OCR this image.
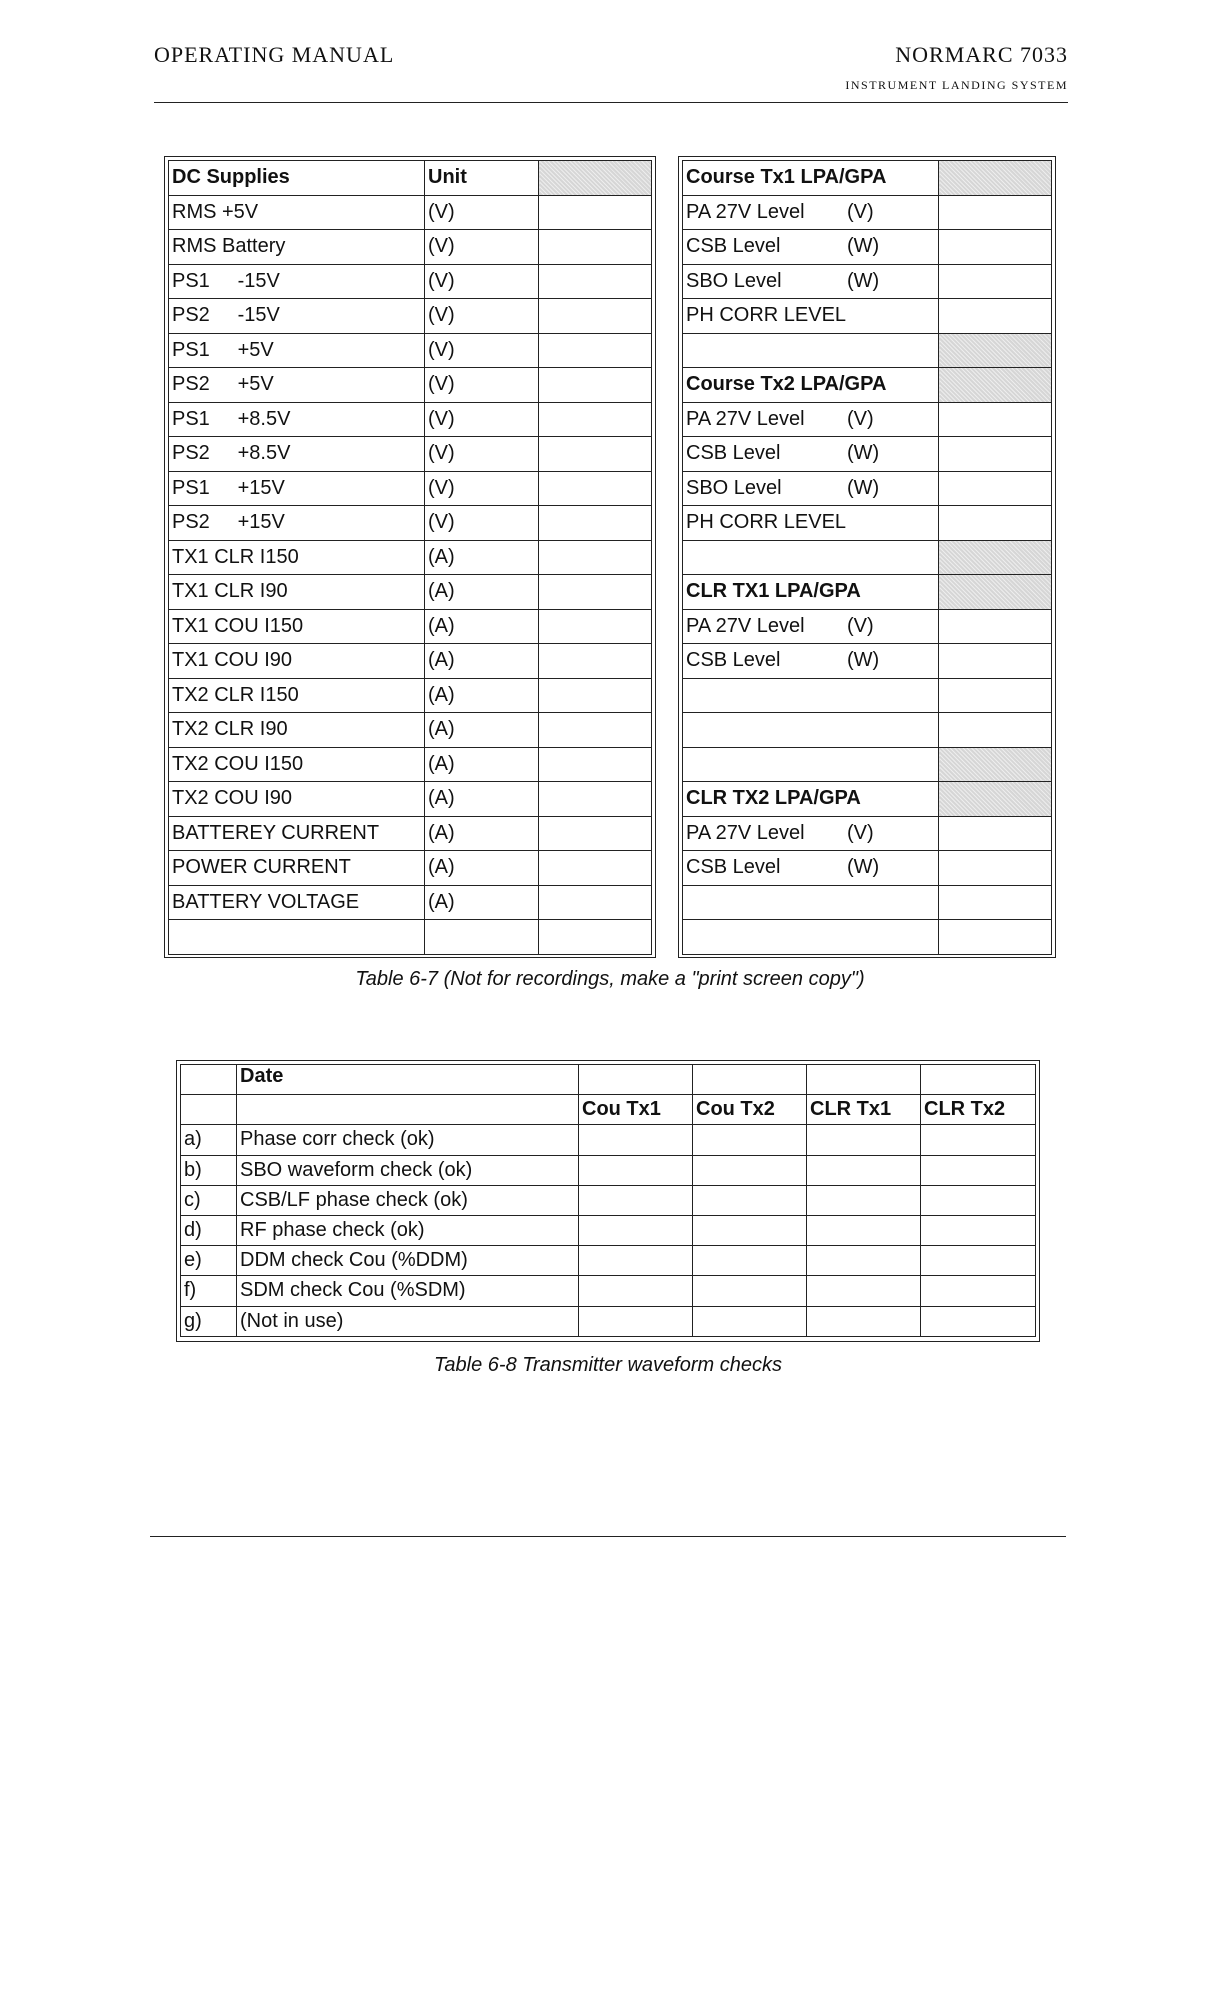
OPERATING MANUAL	NORMARC 7033
INSTRUMENT LANDING SYSTEM
DC Supplies	Unit	
RMS +5V	(V)	
RMS Battery	(V)	
PS1     -15V	(V)	
PS2     -15V	(V)	
PS1     +5V	(V)	
PS2     +5V	(V)	
PS1     +8.5V	(V)	
PS2     +8.5V	(V)	
PS1     +15V	(V)	
PS2     +15V	(V)	
TX1 CLR I150	(A)	
TX1 CLR I90	(A)	
TX1 COU I150	(A)	
TX1 COU I90	(A)	
TX2 CLR I150	(A)	
TX2 CLR I90	(A)	
TX2 COU I150	(A)	
TX2 COU I90	(A)	
BATTEREY CURRENT	(A)	
POWER CURRENT	(A)	
BATTERY VOLTAGE	(A)	

Course Tx1 LPA/GPA	
PA 27V Level (V)	

CSB Level (W)	

SBO Level (W)	

PH CORR LEVEL	

Course Tx2 LPA/GPA	
PA 27V Level (V)	

CSB Level (W)	

SBO Level (W)	

PH CORR LEVEL	

CLR TX1 LPA/GPA	
PA 27V Level (V)	

CSB Level (W)	

CLR TX2 LPA/GPA	
PA 27V Level (V)	

CSB Level (W)	

Table 6-7 (Not for recordings, make a "print screen copy")
	Date				
		Cou Tx1	Cou Tx2	CLR Tx1	CLR Tx2
a)	Phase corr check (ok)				
b)	SBO waveform check (ok)				
c)	CSB/LF phase check (ok)				
d)	RF phase check (ok)				
e)	DDM check Cou (%DDM)				
f)	SDM check Cou (%SDM)				
g)	(Not in use)				
Table 6-8 Transmitter waveform checks
